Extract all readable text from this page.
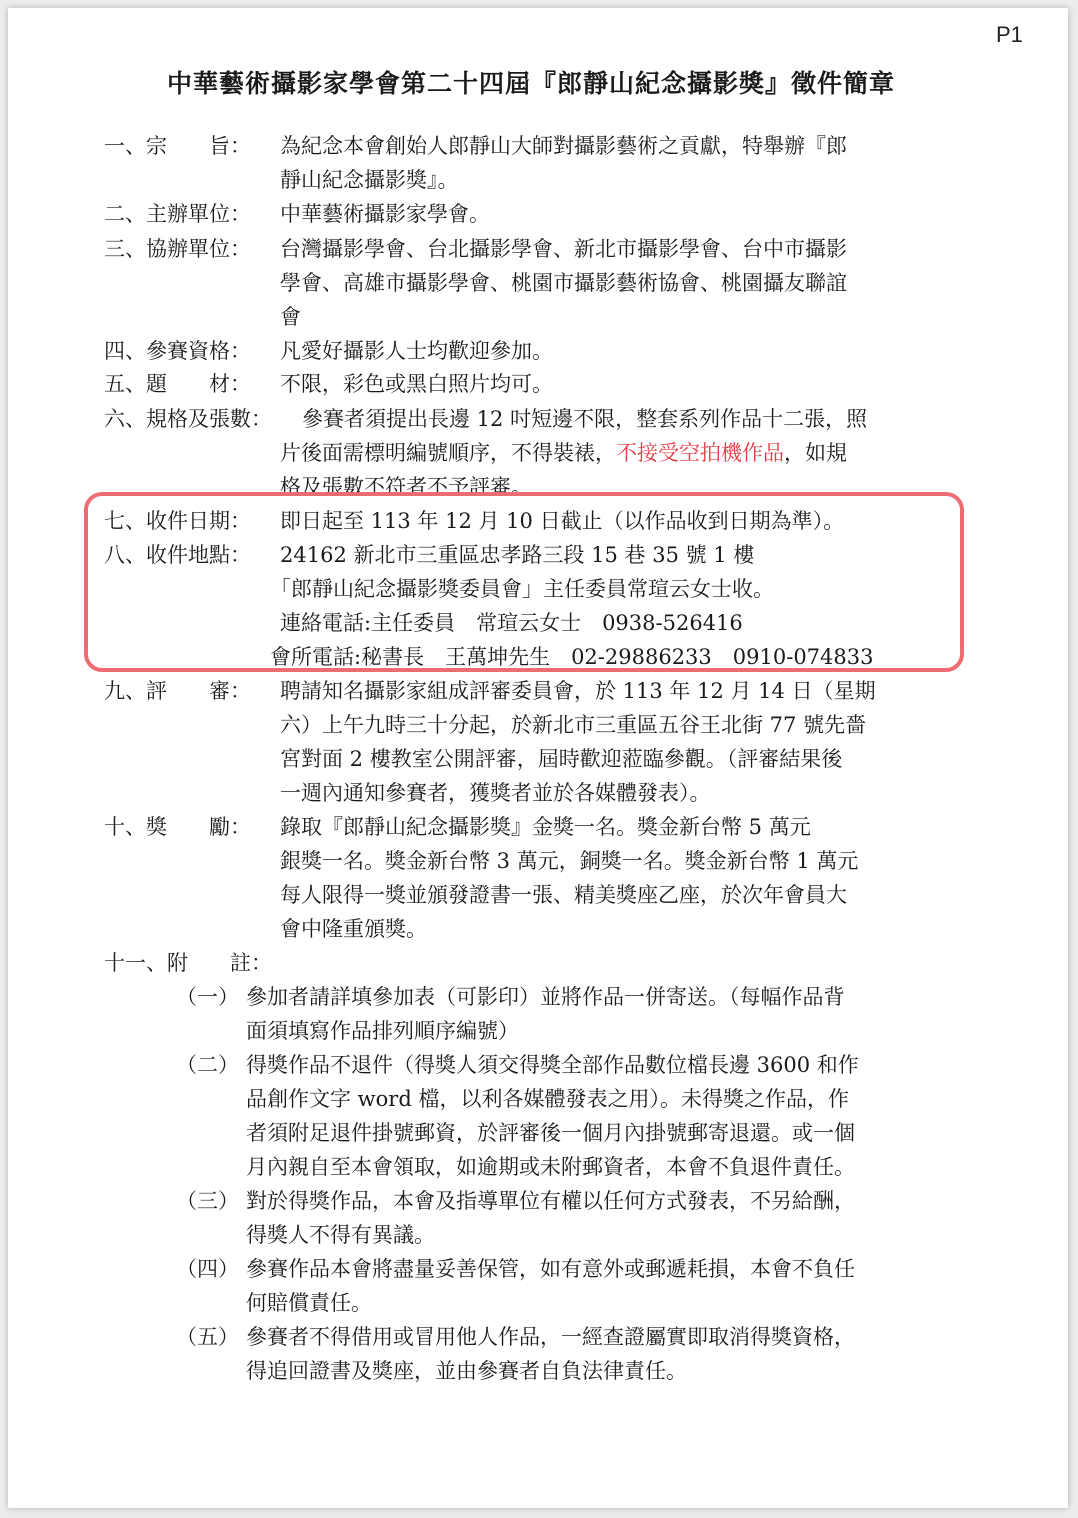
P1
中華藝術攝影家學會第二十四屆『郎靜山紀念攝影獎』徵件簡章
一、宗　　旨： 為紀念本會創始人郎靜山大師對攝影藝術之貢獻，特舉辦『郎
靜山紀念攝影獎』。
二、主辦單位： 中華藝術攝影家學會。
三、協辦單位： 台灣攝影學會、台北攝影學會、新北市攝影學會、台中市攝影
學會、高雄市攝影學會、桃園市攝影藝術協會、桃園攝友聯誼
會
四、參賽資格： 凡愛好攝影人士均歡迎參加。
五、題　　材： 不限，彩色或黑白照片均可。
六、規格及張數： 參賽者須提出長邊 12 吋短邊不限，整套系列作品十二張，照
片後面需標明編號順序，不得裝裱，不接受空拍機作品，如規
格及張數不符者不予評審。
七、收件日期： 即日起至 113 年 12 月 10 日截止（以作品收到日期為準）。
八、收件地點： 24162 新北市三重區忠孝路三段 15 巷 35 號 1 樓
「郎靜山紀念攝影獎委員會」主任委員常瑄云女士收。
連絡電話:主任委員　常瑄云女士　0938-526416
會所電話:秘書長　王萬坤先生　02-29886233　0910-074833
九、評　　審： 聘請知名攝影家組成評審委員會，於 113 年 12 月 14 日（星期
六）上午九時三十分起，於新北市三重區五谷王北街 77 號先嗇
宮對面 2 樓教室公開評審，屆時歡迎蒞臨參觀。（評審結果後
一週內通知參賽者，獲獎者並於各媒體發表）。
十、獎　　勵： 錄取『郎靜山紀念攝影獎』金獎一名。獎金新台幣 5 萬元
銀獎一名。獎金新台幣 3 萬元，銅獎一名。獎金新台幣 1 萬元
每人限得一獎並頒發證書一張、精美獎座乙座，於次年會員大
會中隆重頒獎。
十一、附　　註：
（一） 參加者請詳填參加表（可影印）並將作品一併寄送。（每幅作品背
面須填寫作品排列順序編號）
（二） 得獎作品不退件（得獎人須交得獎全部作品數位檔長邊 3600 和作
品創作文字 word 檔，以利各媒體發表之用）。未得獎之作品，作
者須附足退件掛號郵資，於評審後一個月內掛號郵寄退還。或一個
月內親自至本會領取，如逾期或未附郵資者，本會不負退件責任。
（三） 對於得獎作品，本會及指導單位有權以任何方式發表，不另給酬，
得獎人不得有異議。
（四） 參賽作品本會將盡量妥善保管，如有意外或郵遞耗損，本會不負任
何賠償責任。
（五） 參賽者不得借用或冒用他人作品，一經查證屬實即取消得獎資格，
得追回證書及獎座，並由參賽者自負法律責任。
